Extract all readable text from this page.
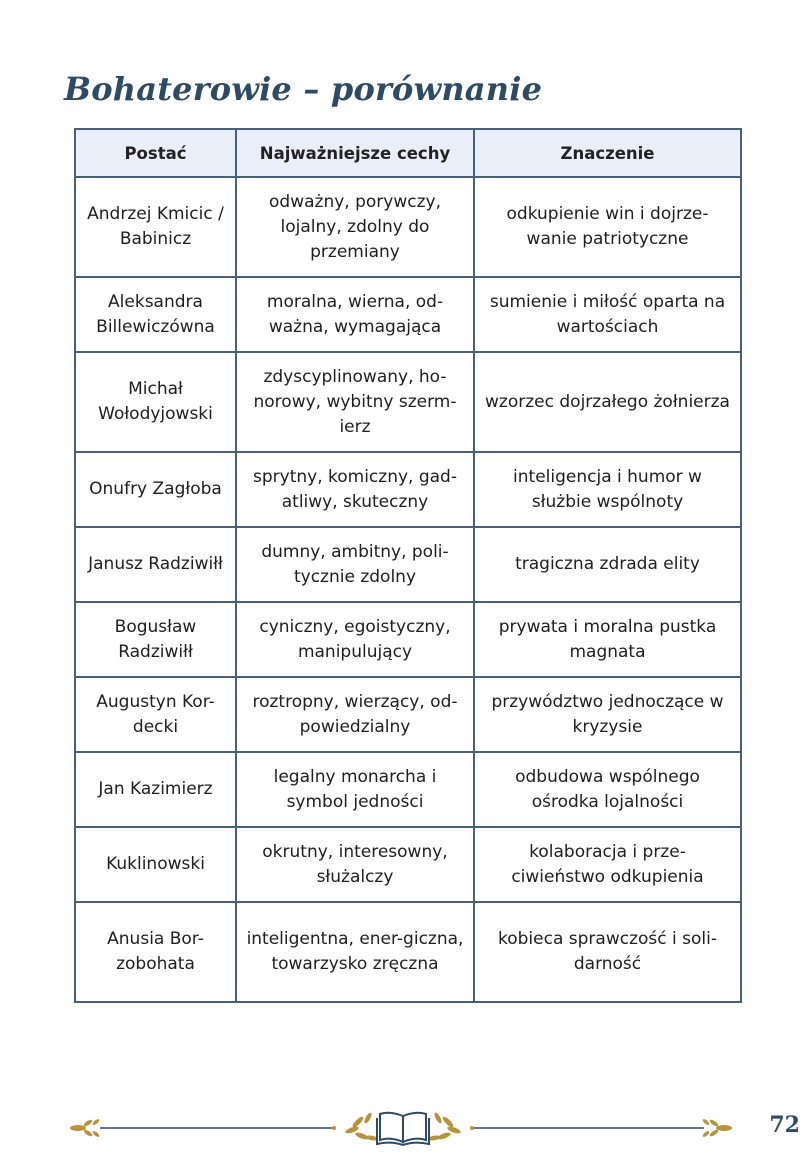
Bohaterowie – porównanie
Postać	Najważniejsze cechy	Znaczenie
Andrzej Kmicic / Babinicz	odważny, porywczy, lojalny, zdolny do przemiany	odkupienie win i dojrze-wanie patriotyczne
Aleksandra Billewiczówna	moralna, wierna, od-ważna, wymagająca	sumienie i miłość oparta na wartościach
Michał Wołodyjowski	zdyscyplinowany, ho-norowy, wybitny szerm-ierz	wzorzec dojrzałego żołnierza
Onufry Zagłoba	sprytny, komiczny, gad-atliwy, skuteczny	inteligencja i humor w służbie wspólnoty
Janusz Radziwiłł	dumny, ambitny, poli-tycznie zdolny	tragiczna zdrada elity
Bogusław Radziwiłł	cyniczny, egoistyczny, manipulujący	prywata i moralna pustka magnata
Augustyn Kor-decki	roztropny, wierzący, od-powiedzialny	przywództwo jednoczące w kryzysie
Jan Kazimierz	legalny monarcha i symbol jedności	odbudowa wspólnego ośrodka lojalności
Kuklinowski	okrutny, interesowny, służalczy	kolaboracja i prze-ciwieństwo odkupienia
Anusia Bor-zobohata	inteligentna, ener-giczna, towarzysko zręczna	kobieca sprawczość i soli-darność
72
